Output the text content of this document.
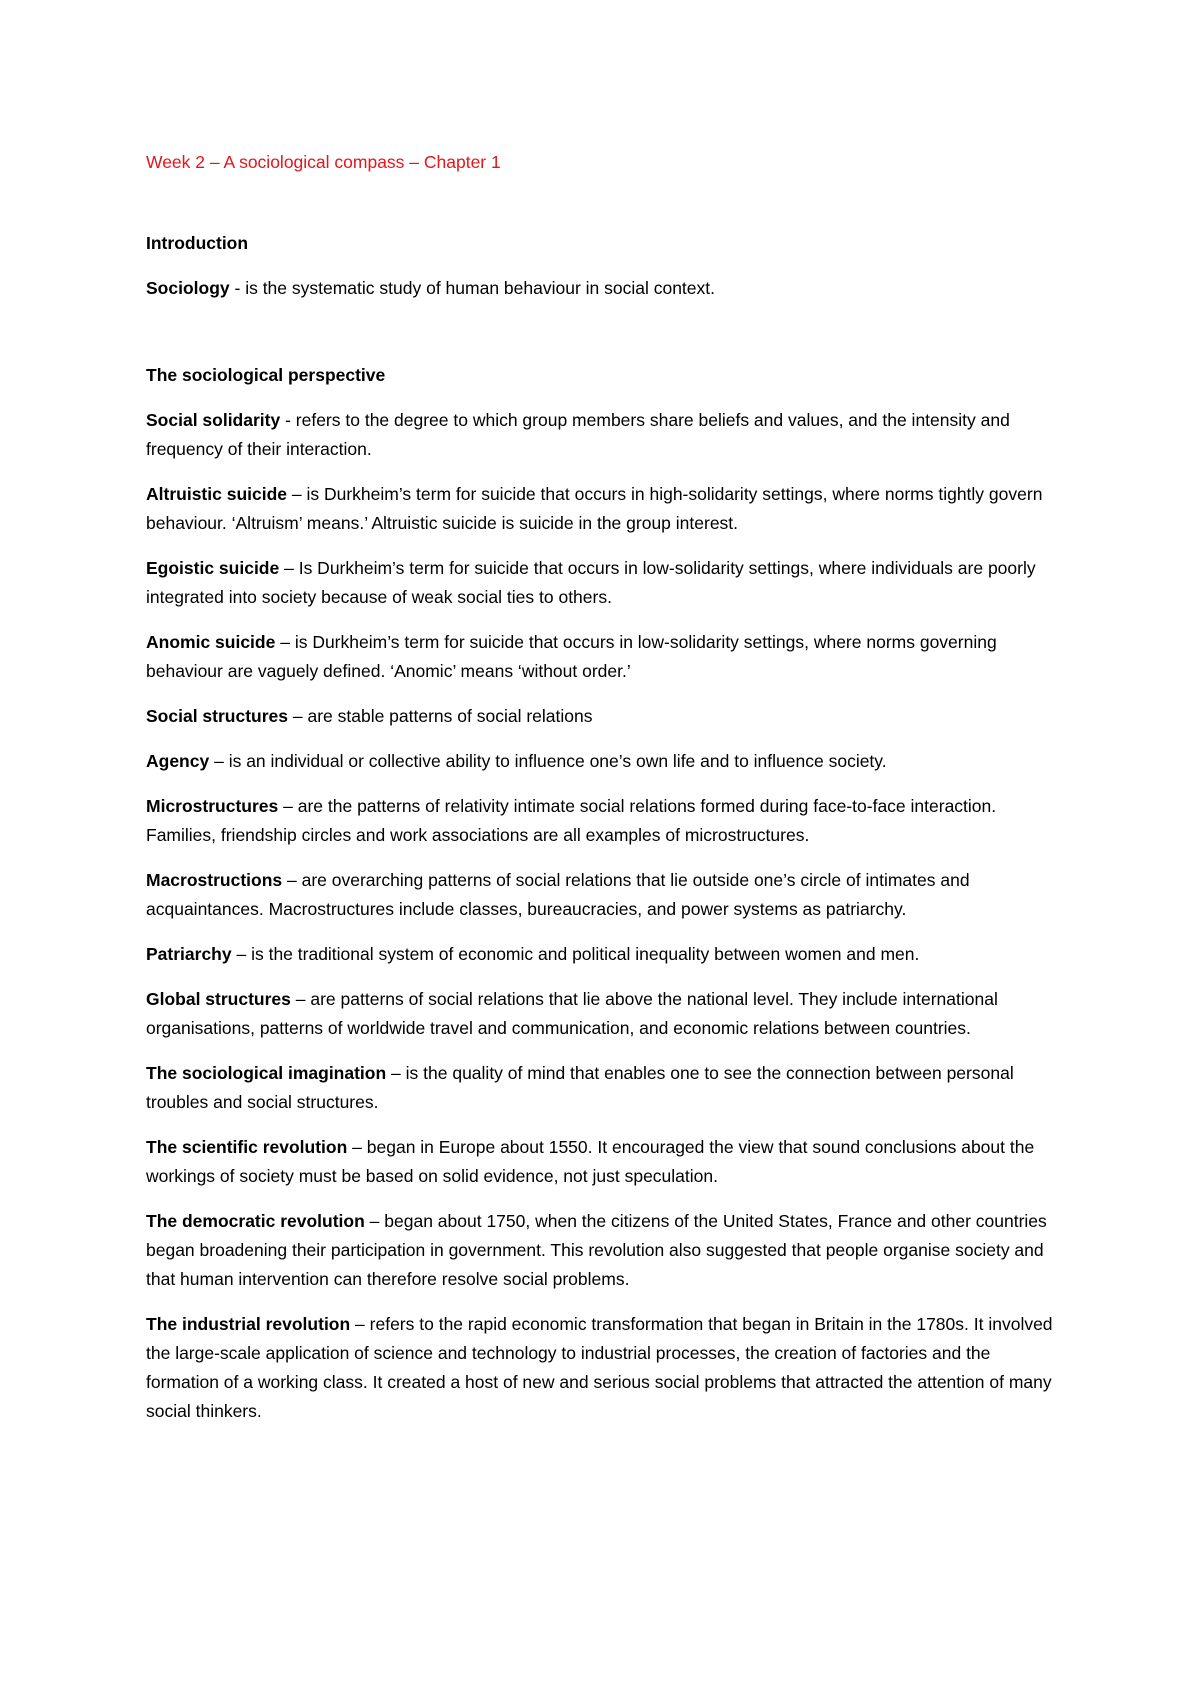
Week 2 – A sociological compass – Chapter 1
Introduction

Sociology - is the systematic study of human behaviour in social context.

The sociological perspective

Social solidarity - refers to the degree to which group members share beliefs and values, and the intensity and frequency of their interaction.

Altruistic suicide – is Durkheim’s term for suicide that occurs in high-solidarity settings, where norms tightly govern behaviour. ‘Altruism’ means.’ Altruistic suicide is suicide in the group interest.

Egoistic suicide – Is Durkheim’s term for suicide that occurs in low-solidarity settings, where individuals are poorly integrated into society because of weak social ties to others.

Anomic suicide – is Durkheim’s term for suicide that occurs in low-solidarity settings, where norms governing behaviour are vaguely defined. ‘Anomic’ means ‘without order.’

Social structures – are stable patterns of social relations

Agency – is an individual or collective ability to influence one’s own life and to influence society.

Microstructures – are the patterns of relativity intimate social relations formed during face-to-face interaction. Families, friendship circles and work associations are all examples of microstructures.

Macrostructions – are overarching patterns of social relations that lie outside one’s circle of intimates and acquaintances. Macrostructures include classes, bureaucracies, and power systems as patriarchy.

Patriarchy – is the traditional system of economic and political inequality between women and men.

Global structures – are patterns of social relations that lie above the national level. They include international organisations, patterns of worldwide travel and communication, and economic relations between countries.

The sociological imagination – is the quality of mind that enables one to see the connection between personal troubles and social structures.

The scientific revolution – began in Europe about 1550. It encouraged the view that sound conclusions about the workings of society must be based on solid evidence, not just speculation.

The democratic revolution – began about 1750, when the citizens of the United States, France and other countries began broadening their participation in government. This revolution also suggested that people organise society and that human intervention can therefore resolve social problems.

The industrial revolution – refers to the rapid economic transformation that began in Britain in the 1780s. It involved the large-scale application of science and technology to industrial processes, the creation of factories and the formation of a working class. It created a host of new and serious social problems that attracted the attention of many social thinkers.
